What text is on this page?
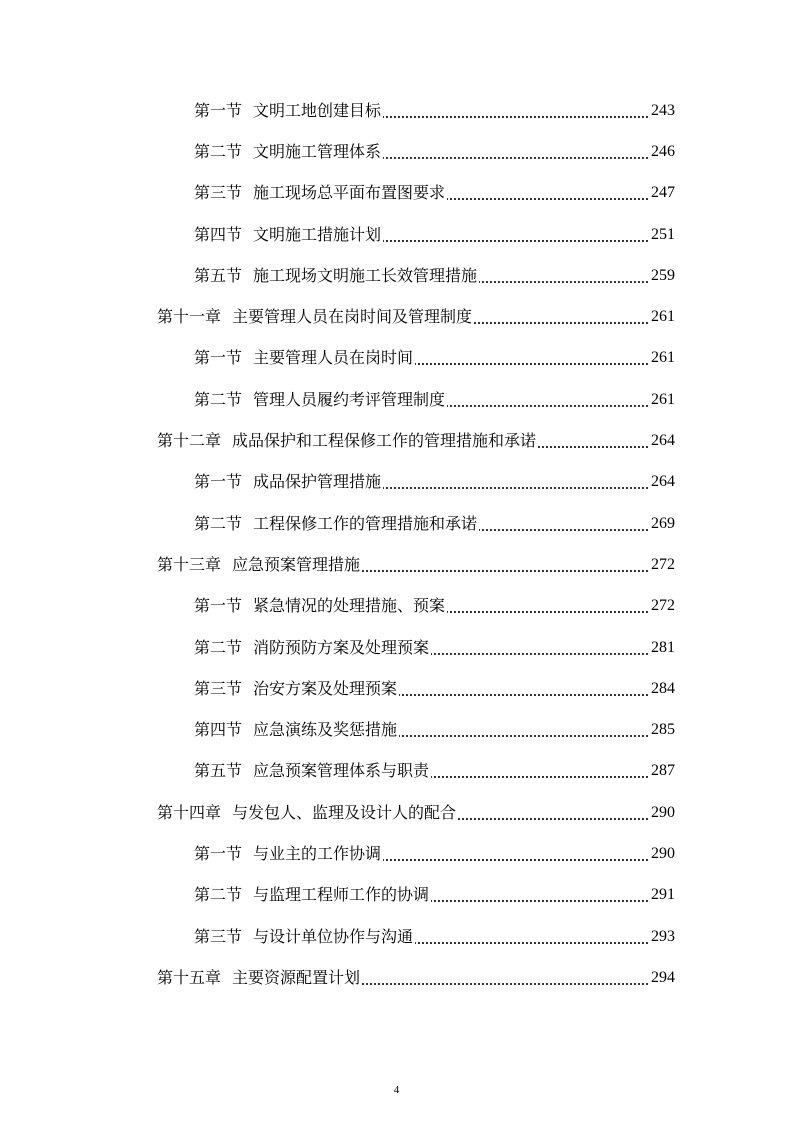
第一节 文明工地创建目标	243
第二节 文明施工管理体系	246
第三节 施工现场总平面布置图要求	247
第四节 文明施工措施计划	251
第五节 施工现场文明施工长效管理措施	259
第十一章 主要管理人员在岗时间及管理制度	261
第一节 主要管理人员在岗时间	261
第二节 管理人员履约考评管理制度	261
第十二章 成品保护和工程保修工作的管理措施和承诺	264
第一节 成品保护管理措施	264
第二节 工程保修工作的管理措施和承诺	269
第十三章 应急预案管理措施	272
第一节 紧急情况的处理措施、预案	272
第二节 消防预防方案及处理预案	281
第三节 治安方案及处理预案	284
第四节 应急演练及奖惩措施	285
第五节 应急预案管理体系与职责	287
第十四章 与发包人、监理及设计人的配合	290
第一节 与业主的工作协调	290
第二节 与监理工程师工作的协调	291
第三节 与设计单位协作与沟通	293
第十五章 主要资源配置计划	294
4
